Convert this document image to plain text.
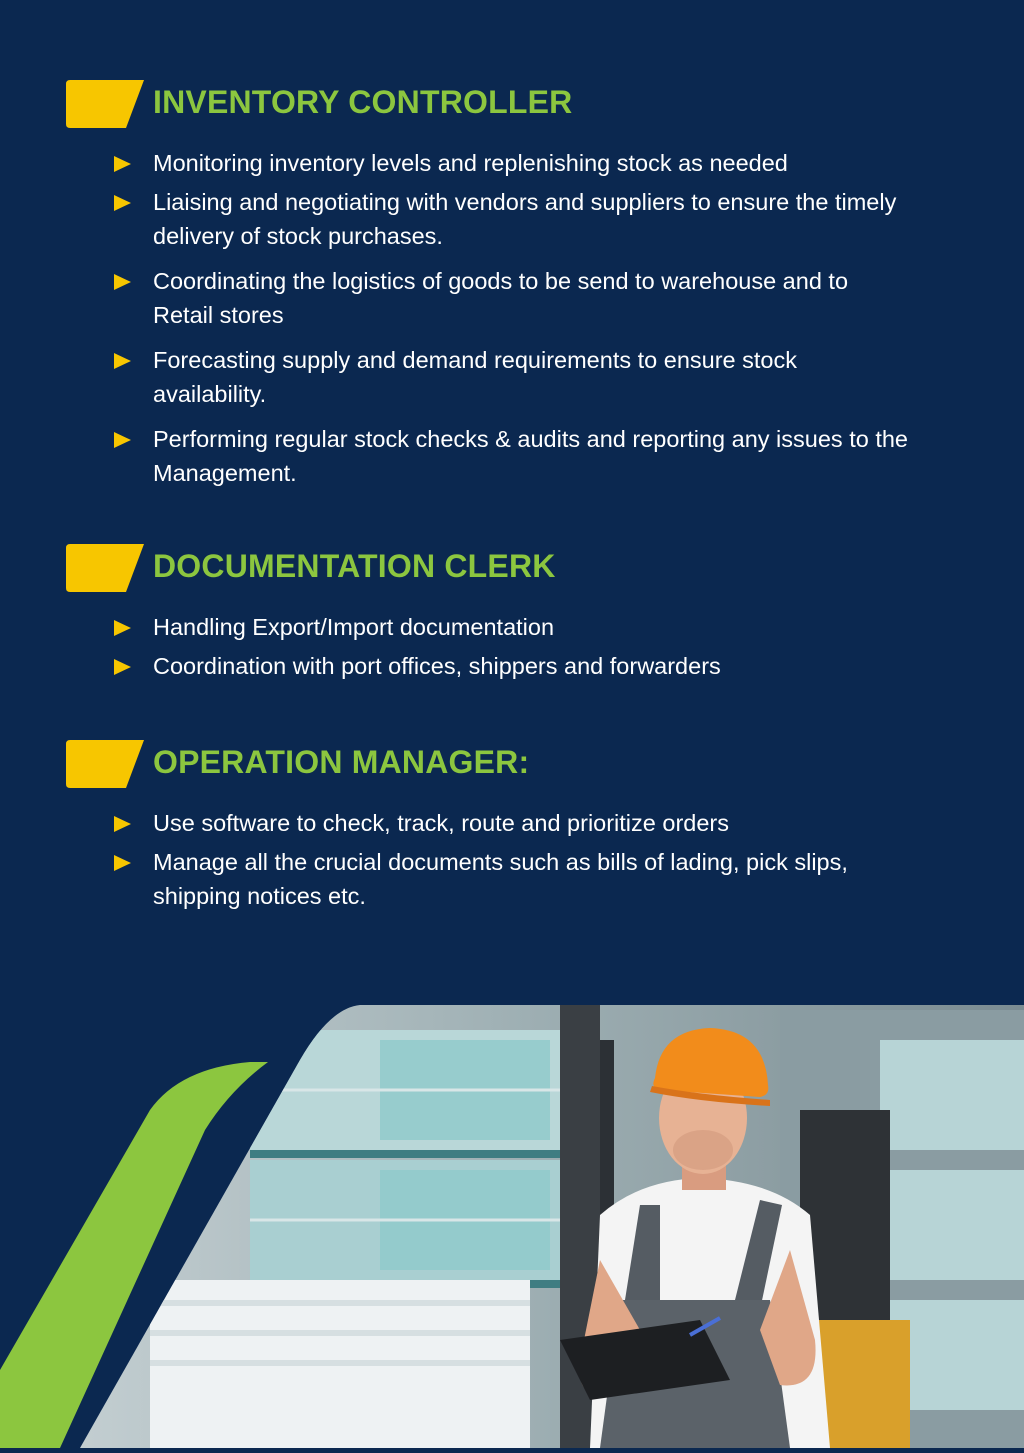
INVENTORY CONTROLLER
Monitoring inventory levels and replenishing stock as needed
Liaising and negotiating with vendors and suppliers to ensure the timely delivery of stock purchases.
Coordinating the logistics of goods to be send to warehouse and to Retail stores
Forecasting supply and demand requirements to ensure stock availability.
Performing regular stock checks & audits and reporting any issues to the Management.
DOCUMENTATION CLERK
Handling Export/Import documentation
Coordination with port offices, shippers and forwarders
OPERATION MANAGER:
Use software to check, track, route and prioritize orders
Manage all the crucial documents such as bills of lading, pick slips, shipping notices etc.
